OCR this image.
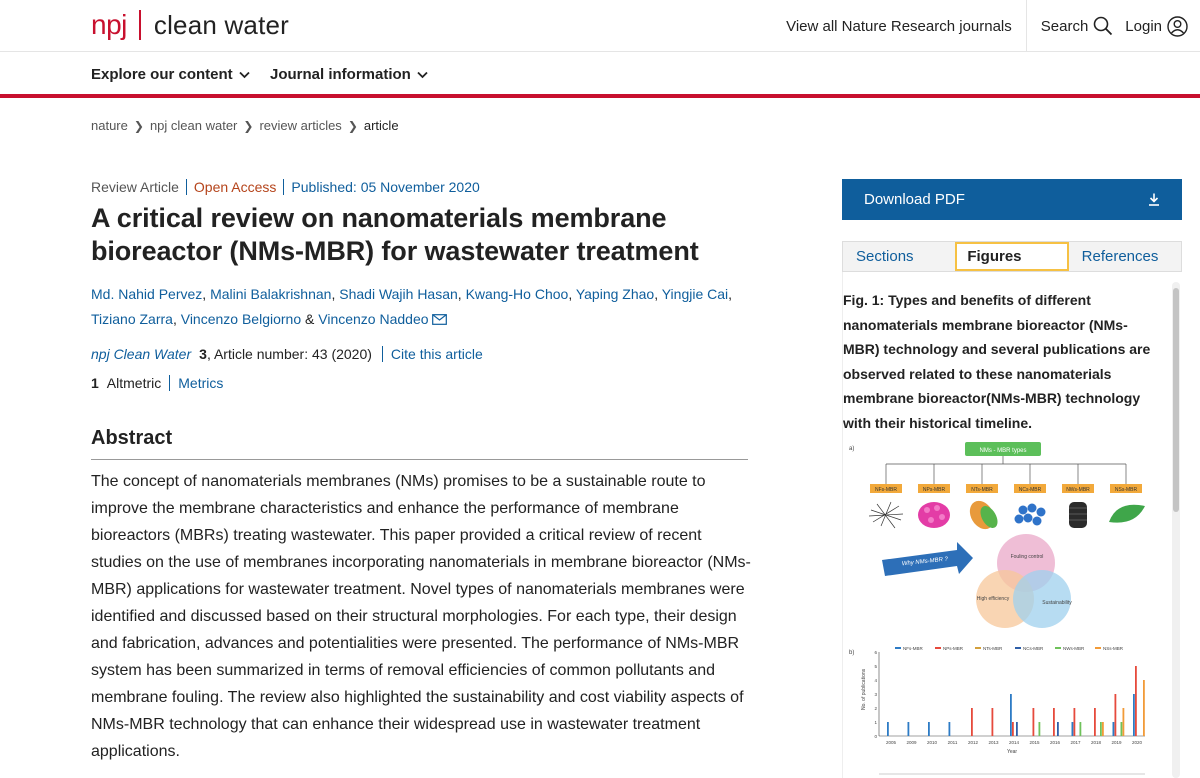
npj clean water	View all Nature Research journals	Search Login
Explore our content Journal information
nature ❯ npj clean water ❯ review articles ❯ article
Review Article	Open Access	Published: 05 November 2020
A critical review on nanomaterials membrane bioreactor (NMs-MBR) for wastewater treatment
Md. Nahid Pervez, Malini Balakrishnan, Shadi Wajih Hasan, Kwang-Ho Choo, Yaping Zhao, Yingjie Cai,
Tiziano Zarra, Vincenzo Belgiorno & Vincenzo Naddeo
npj Clean Water 3 , Article number: 43 (2020)	Cite this article
1 Altmetric	Metrics
Abstract

The concept of nanomaterials membranes (NMs) promises to be a sustainable route to improve the membrane characteristics and enhance the performance of membrane bioreactors (MBRs) treating wastewater. This paper provided a critical review of recent studies on the use of membranes incorporating nanomaterials in membrane bioreactor (NMs-MBR) applications for wastewater treatment. Novel types of nanomaterials membranes were identified and discussed based on their structural morphologies. For each type, their design and fabrication, advances and potentialities were presented. The performance of NMs-MBR system has been summarized in terms of removal efficiencies of common pollutants and membrane fouling. The review also highlighted the sustainability and cost viability aspects of NMs-MBR technology that can enhance their widespread use in wastewater treatment applications.

Download PDF
Sections	Figures	References

Fig. 1: Types and benefits of different nanomaterials membrane bioreactor (NMs-MBR) technology and several publications are observed related to these nanomaterials membrane bioreactor(NMs-MBR) technology with their historical timeline.

a)	NMs - MBR types
NFs-MBR	NPs-MBR	NTs-MBR	NCs-MBR	NWs-MBR	NSs-MBR
Why NMs-MBR ?	Fouling control
High efficiency
Sustainability
b)
NFs-MBR	NPs-MBR	NTs-MBR	NCs-MBR	NWs-MBR	NSs-MBR
No. of publications
0
1
2
3
4
5
6
2005 2009 2010 2011 2012 2013 2014 2015 2016 2017 2018 2019 2020
Year
